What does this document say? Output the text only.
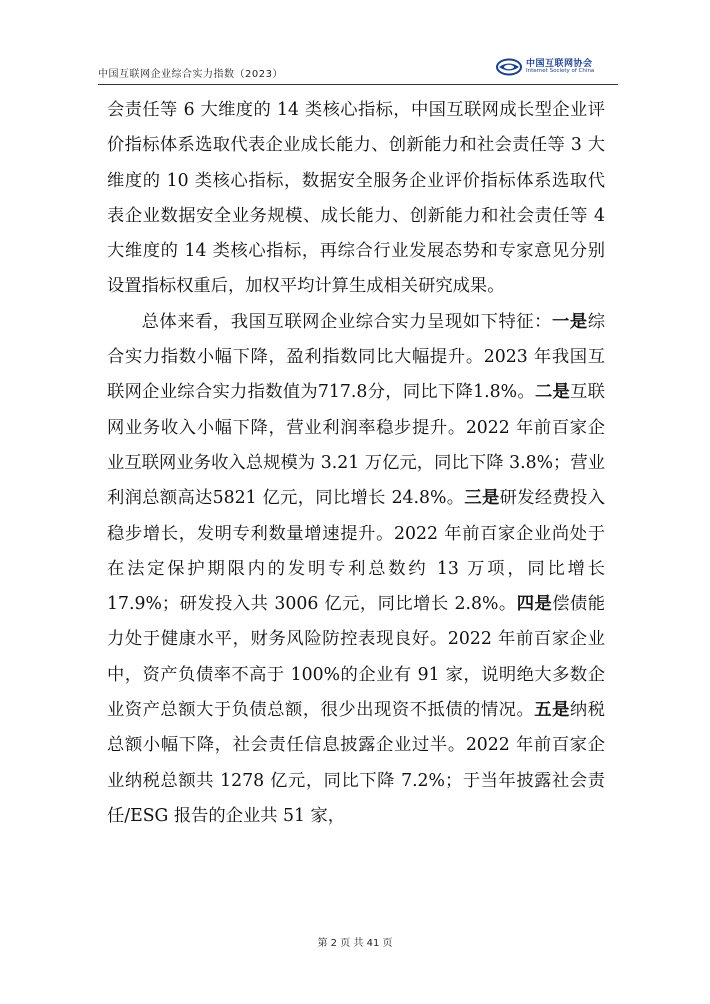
中国互联网企业综合实力指数（2023）
中国互联网协会
Internet Society of China

会责任等 6 大维度的 14 类核心指标，中国互联网成长型企业评价指标体系选取代表企业成长能力、创新能力和社会责任等 3 大维度的 10 类核心指标，数据安全服务企业评价指标体系选取代表企业数据安全业务规模、成长能力、创新能力和社会责任等 4 大维度的 14 类核心指标，再综合行业发展态势和专家意见分别设置指标权重后，加权平均计算生成相关研究成果。

总体来看，我国互联网企业综合实力呈现如下特征：一是综合实力指数小幅下降，盈利指数同比大幅提升。2023 年我国互联网企业综合实力指数值为717.8分，同比下降1.8%。二是互联网业务收入小幅下降，营业利润率稳步提升。2022 年前百家企业互联网业务收入总规模为 3.21 万亿元，同比下降 3.8%；营业利润总额高达5821 亿元，同比增长 24.8%。三是研发经费投入稳步增长，发明专利数量增速提升。2022 年前百家企业尚处于在法定保护期限内的发明专利总数约 13 万项，同比增长 17.9%；研发投入共 3006 亿元，同比增长 2.8%。四是偿债能力处于健康水平，财务风险防控表现良好。2022 年前百家企业中，资产负债率不高于 100%的企业有 91 家，说明绝大多数企业资产总额大于负债总额，很少出现资不抵债的情况。五是纳税总额小幅下降，社会责任信息披露企业过半。2022 年前百家企业纳税总额共 1278 亿元，同比下降 7.2%；于当年披露社会责任/ESG 报告的企业共 51 家，

第 2 页 共 41 页
